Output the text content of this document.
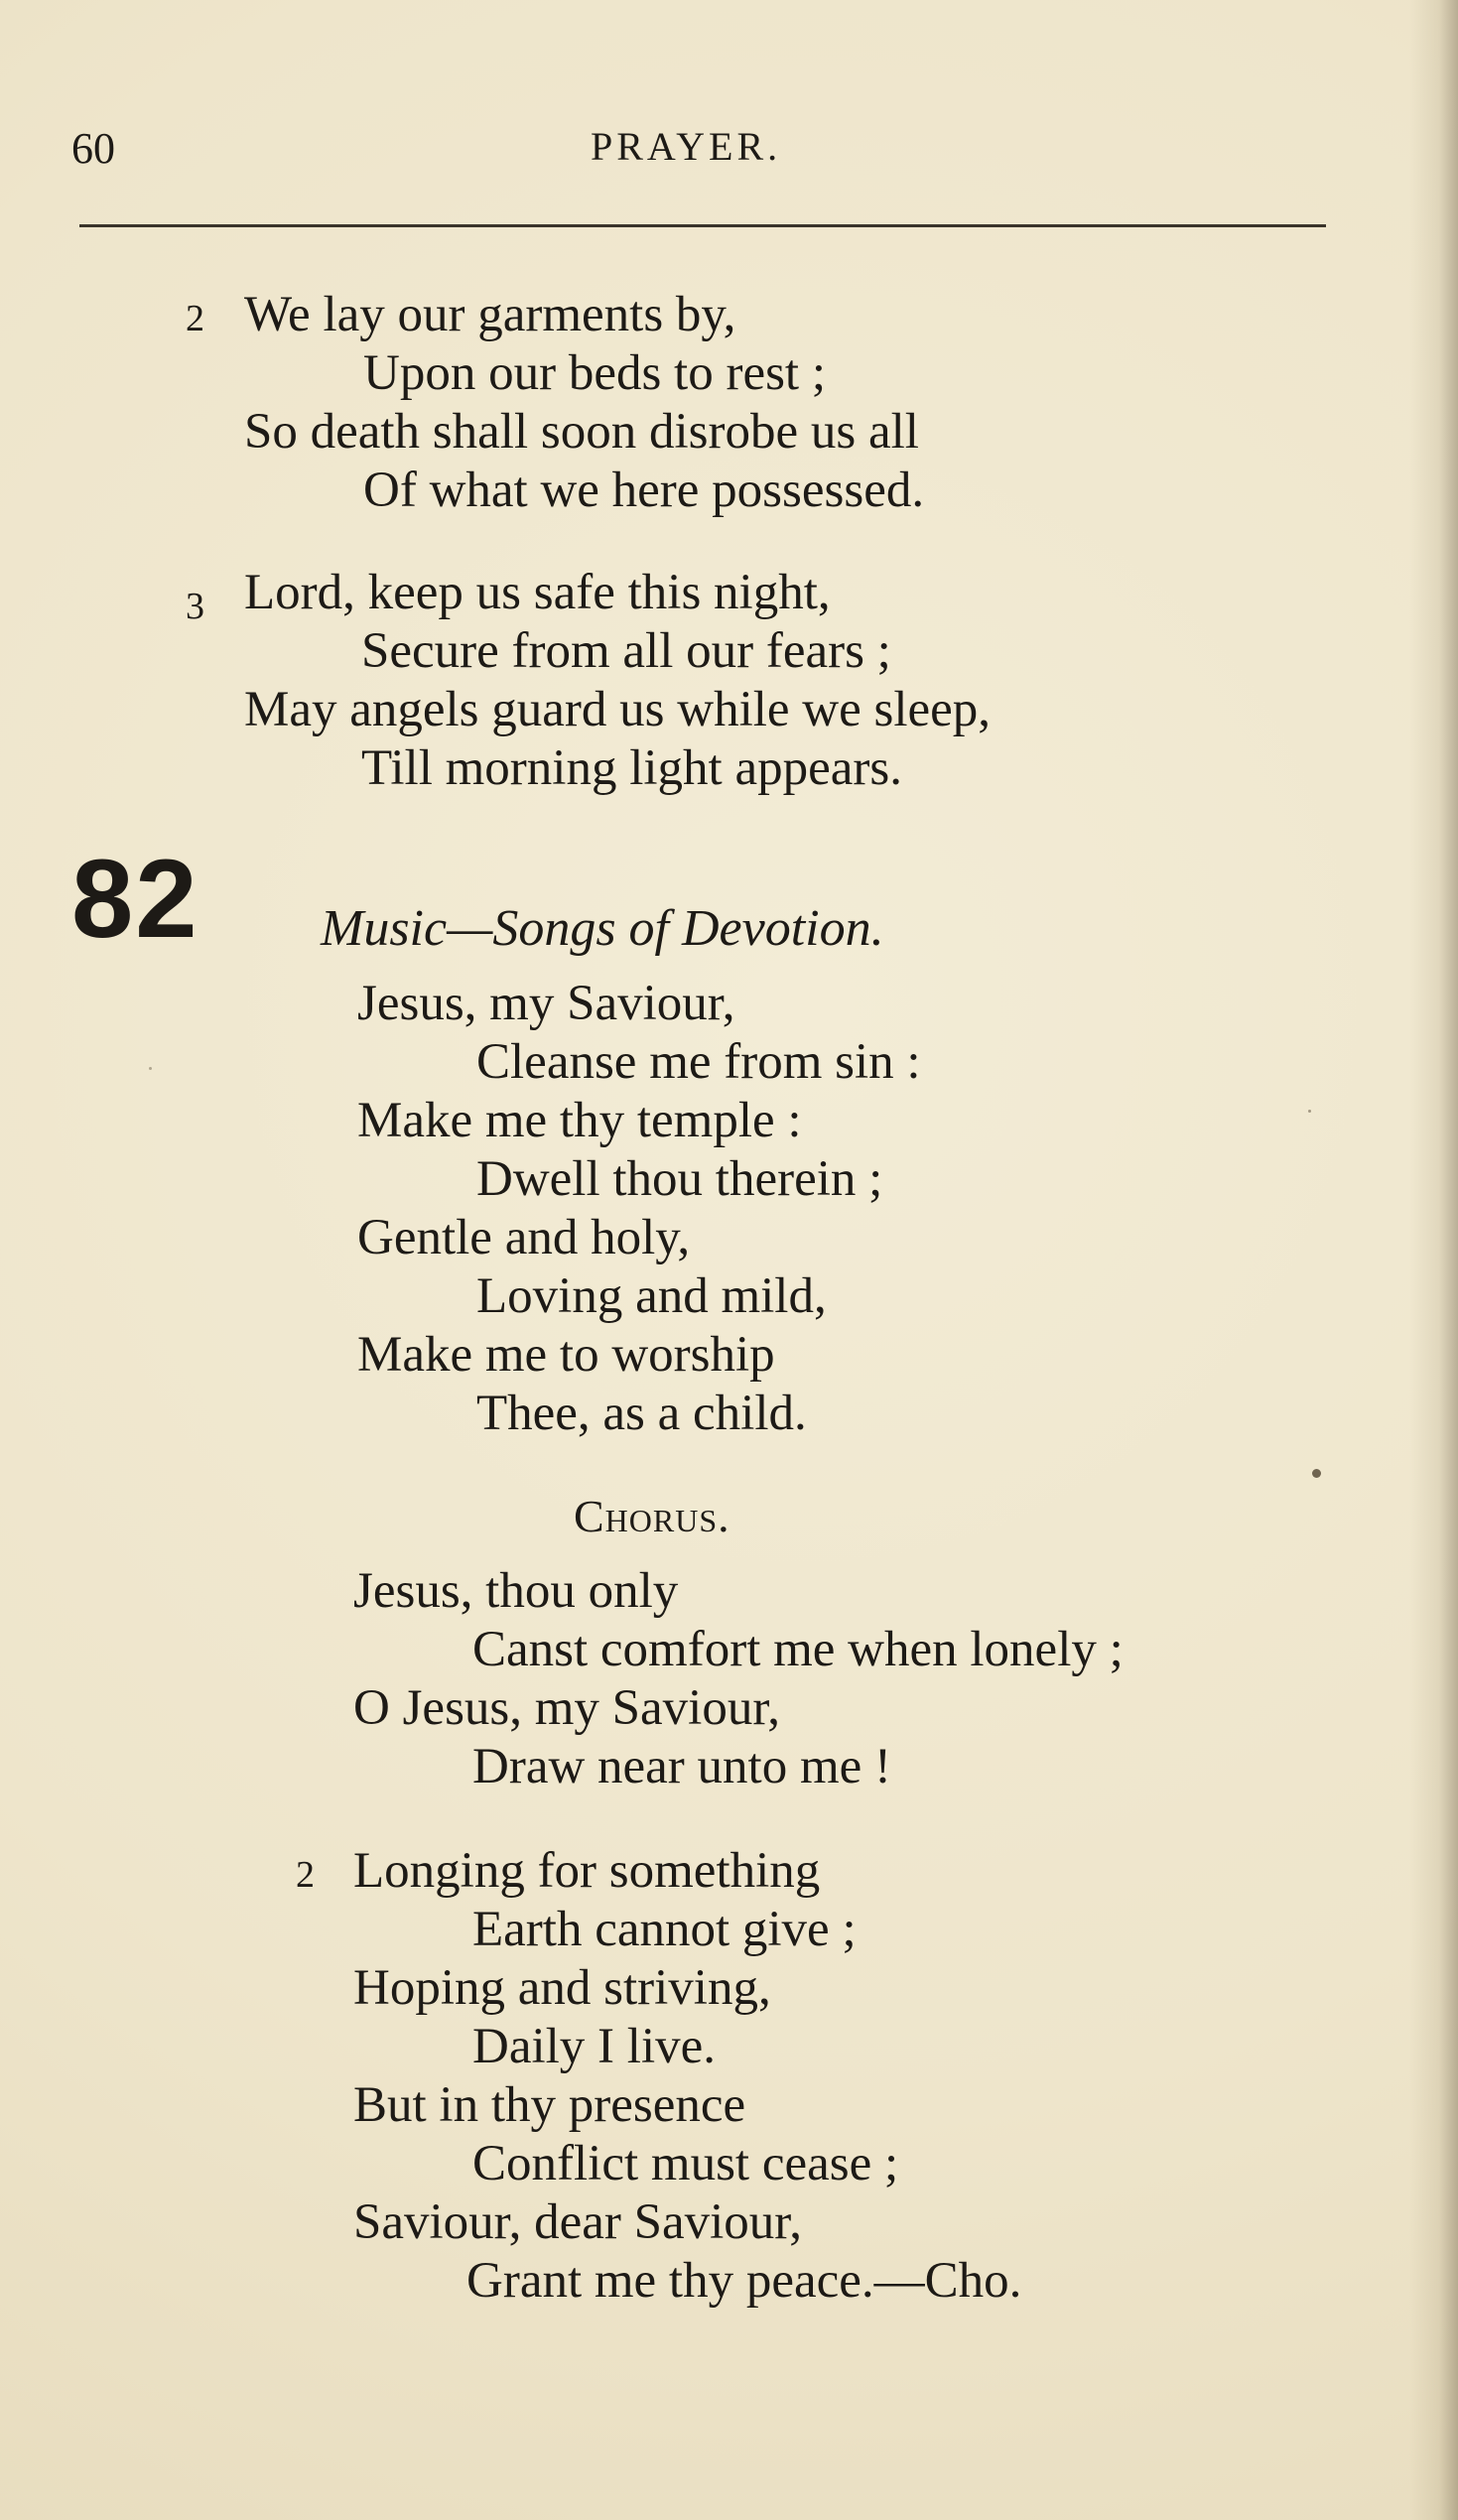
60	PRAYER.
2 We lay our garments by,
Upon our beds to rest ;
So death shall soon disrobe us all
Of what we here possessed.
3 Lord, keep us safe this night,
Secure from all our fears ;
May angels guard us while we sleep,
Till morning light appears.
82 Music—Songs of Devotion.
Jesus, my Saviour,
Cleanse me from sin :
Make me thy temple :
Dwell thou therein ;
Gentle and holy,
Loving and mild,
Make me to worship
Thee, as a child.
Chorus.
Jesus, thou only
Canst comfort me when lonely ;
O Jesus, my Saviour,
Draw near unto me !
2 Longing for something
Earth cannot give ;
Hoping and striving,
Daily I live.
But in thy presence
Conflict must cease ;
Saviour, dear Saviour,
Grant me thy peace.—Cho.
